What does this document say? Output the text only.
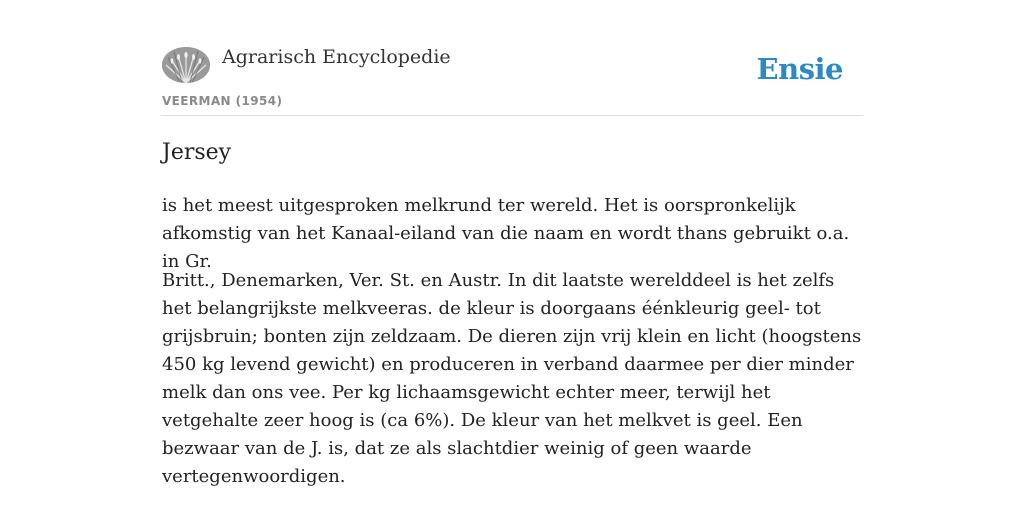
Agrarisch Encyclopedie
VEERMAN (1954)
Ensie
Jersey

is het meest uitgesproken melkrund ter wereld. Het is oorspronkelijk afkomstig van het Kanaal-eiland van die naam en wordt thans gebruikt o.a. in Gr.

Britt., Denemarken, Ver. St. en Austr. In dit laatste werelddeel is het zelfs het belangrijkste melkveeras. de kleur is doorgaans éénkleurig geel- tot grijsbruin; bonten zijn zeldzaam. De dieren zijn vrij klein en licht (hoogstens 450 kg levend gewicht) en produceren in verband daarmee per dier minder melk dan ons vee. Per kg lichaamsgewicht echter meer, terwijl het vetgehalte zeer hoog is (ca 6%). De kleur van het melkvet is geel. Een bezwaar van de J. is, dat ze als slachtdier weinig of geen waarde vertegenwoordigen.
